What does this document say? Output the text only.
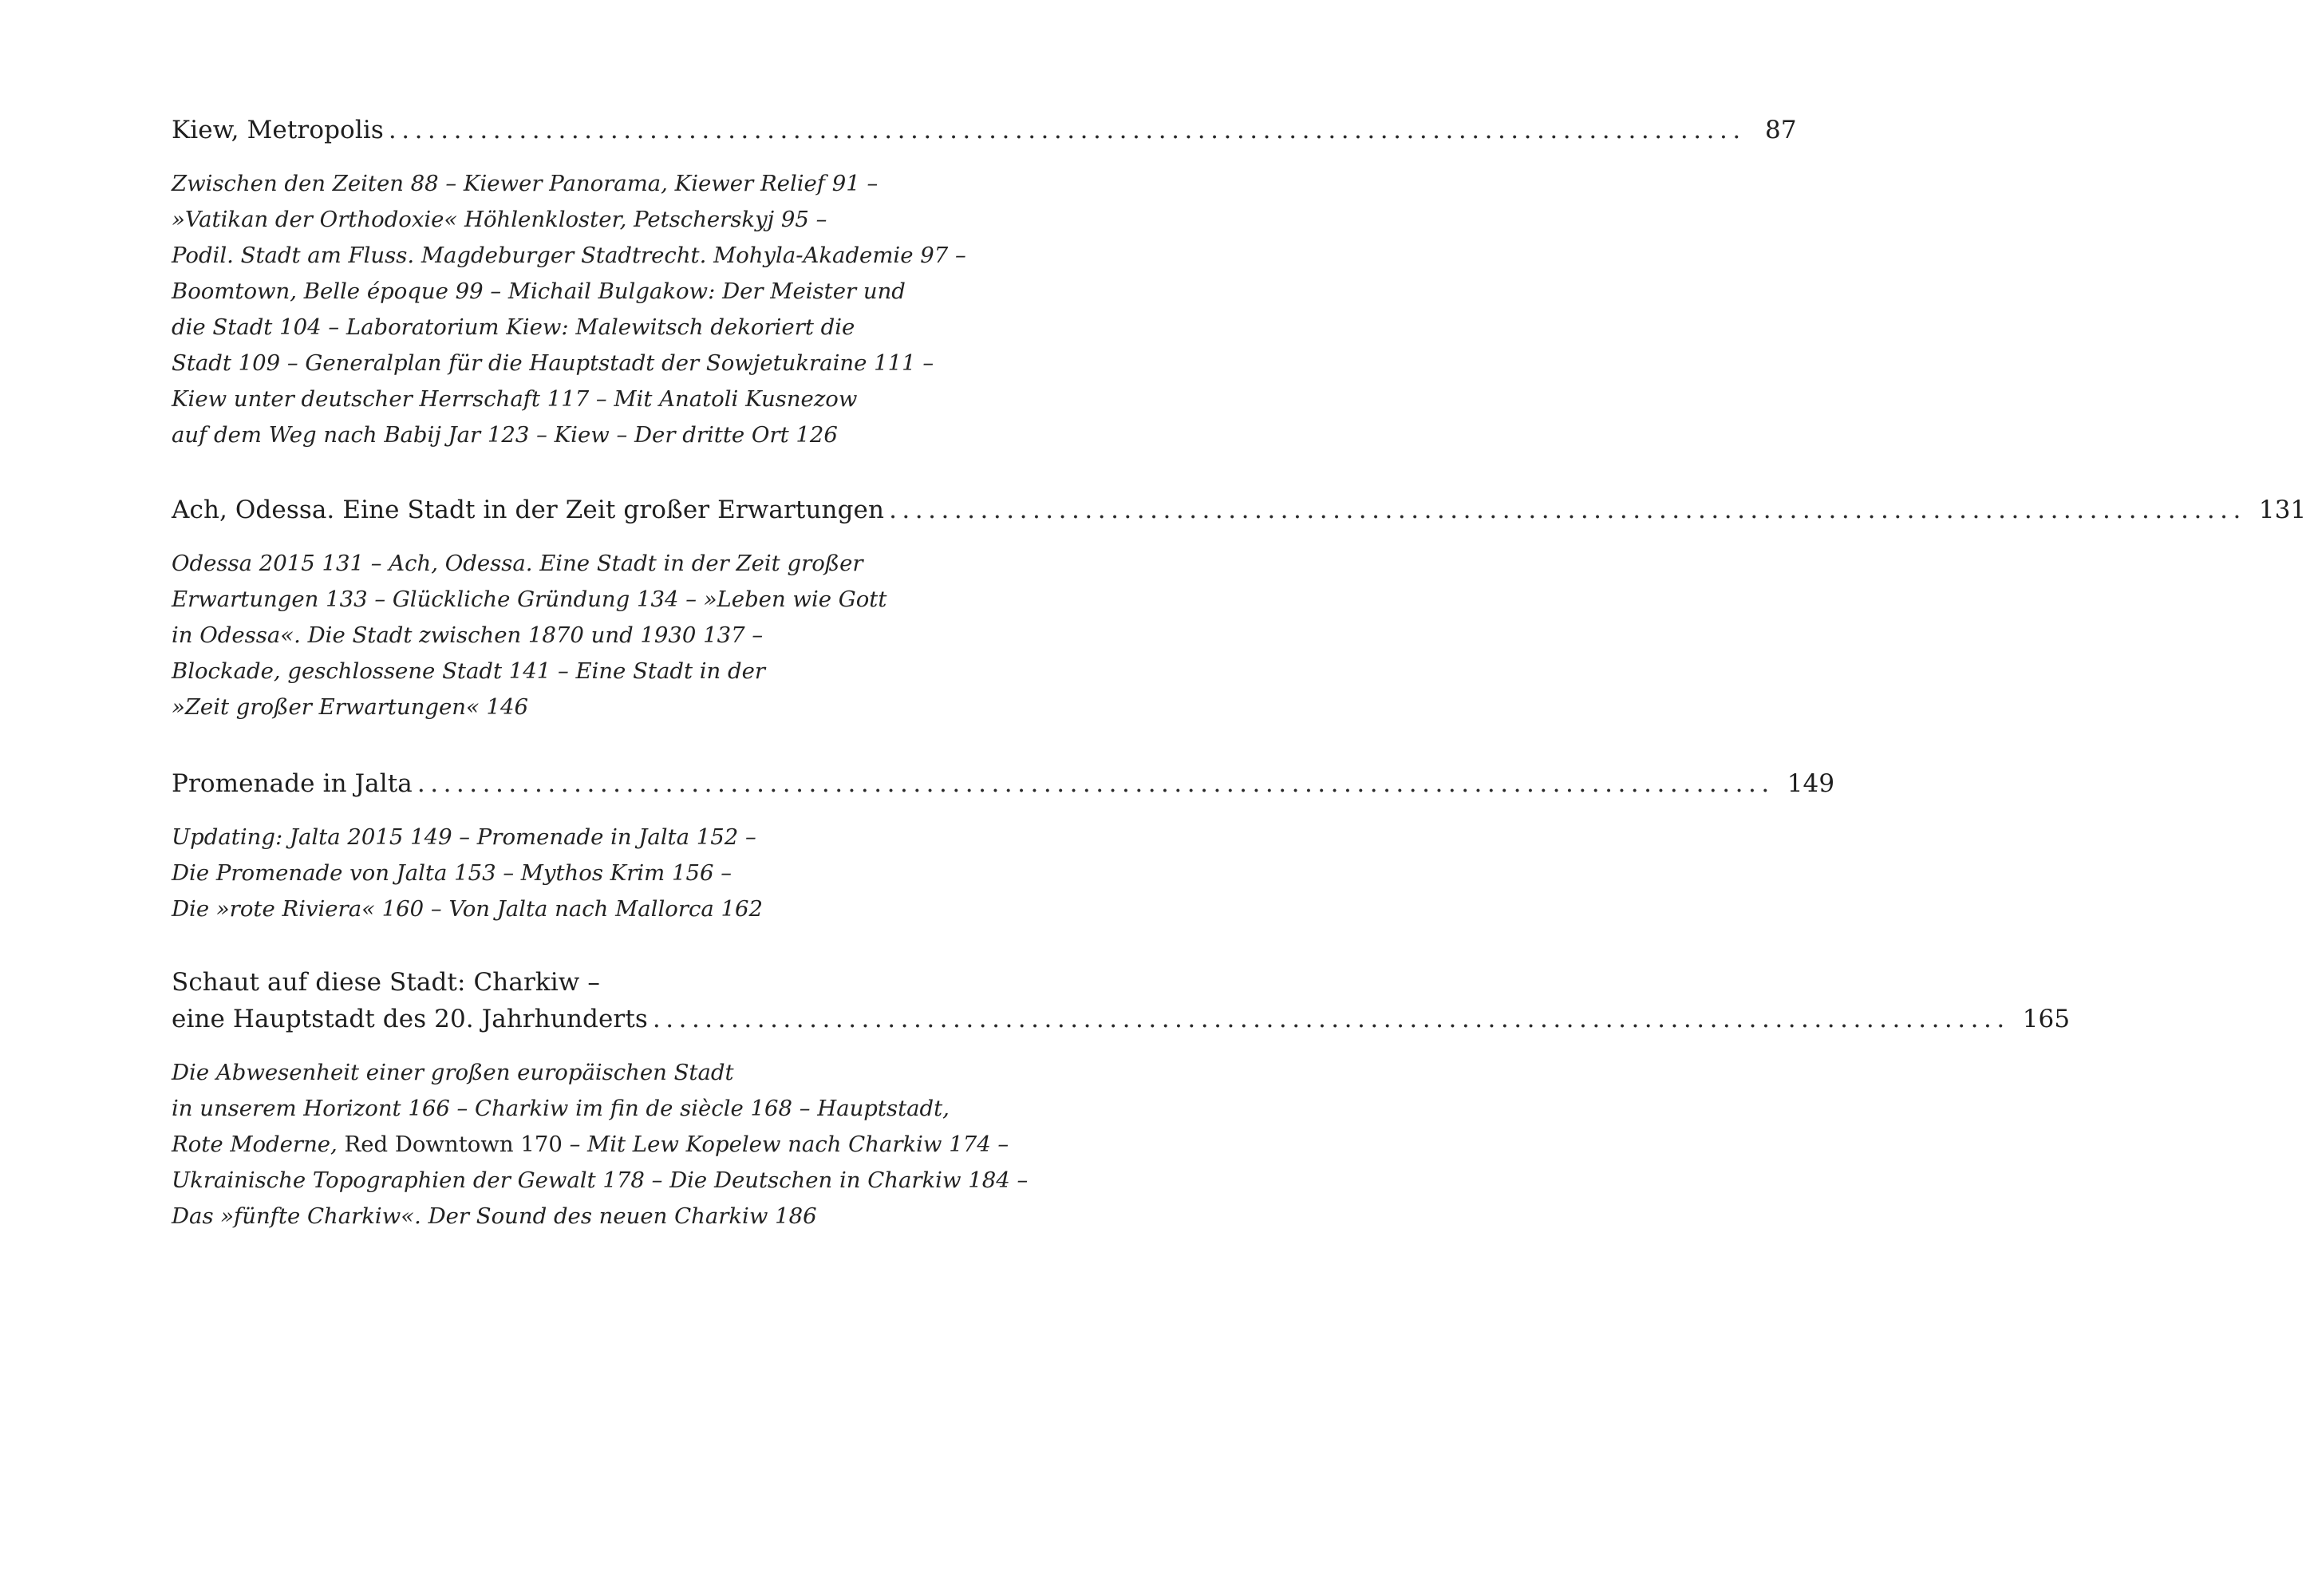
Kiew, Metropolis ........................................................................................................ 87
Zwischen den Zeiten 88 – Kiewer Panorama, Kiewer Relief 91 –
»Vatikan der Orthodoxie« Höhlenkloster, Petscherskyj 95 –
Podil. Stadt am Fluss. Magdeburger Stadtrecht. Mohyla-Akademie 97 –
Boomtown, Belle époque 99 – Michail Bulgakow: Der Meister und
die Stadt 104 – Laboratorium Kiew: Malewitsch dekoriert die
Stadt 109 – Generalplan für die Hauptstadt der Sowjetukraine 111 –
Kiew unter deutscher Herrschaft 117 – Mit Anatoli Kusnezow
auf dem Weg nach Babij Jar 123 – Kiew – Der dritte Ort 126
Ach, Odessa. Eine Stadt in der Zeit großer Erwartungen ........................................................................................................ 131
Odessa 2015 131 – Ach, Odessa. Eine Stadt in der Zeit großer
Erwartungen 133 – Glückliche Gründung 134 – »Leben wie Gott
in Odessa«. Die Stadt zwischen 1870 und 1930 137 –
Blockade, geschlossene Stadt 141 – Eine Stadt in der
»Zeit großer Erwartungen« 146
Promenade in Jalta ........................................................................................................ 149
Updating: Jalta 2015 149 – Promenade in Jalta 152 –
Die Promenade von Jalta 153 – Mythos Krim 156 –
Die »rote Riviera« 160 – Von Jalta nach Mallorca 162
Schaut auf diese Stadt: Charkiw –
eine Hauptstadt des 20. Jahrhunderts ........................................................................................................ 165
Die Abwesenheit einer großen europäischen Stadt
in unserem Horizont 166 – Charkiw im fin de siècle 168 – Hauptstadt,
Rote Moderne, Red Downtown 170 – Mit Lew Kopelew nach Charkiw 174 –
Ukrainische Topographien der Gewalt 178 – Die Deutschen in Charkiw 184 –
Das »fünfte Charkiw«. Der Sound des neuen Charkiw 186
